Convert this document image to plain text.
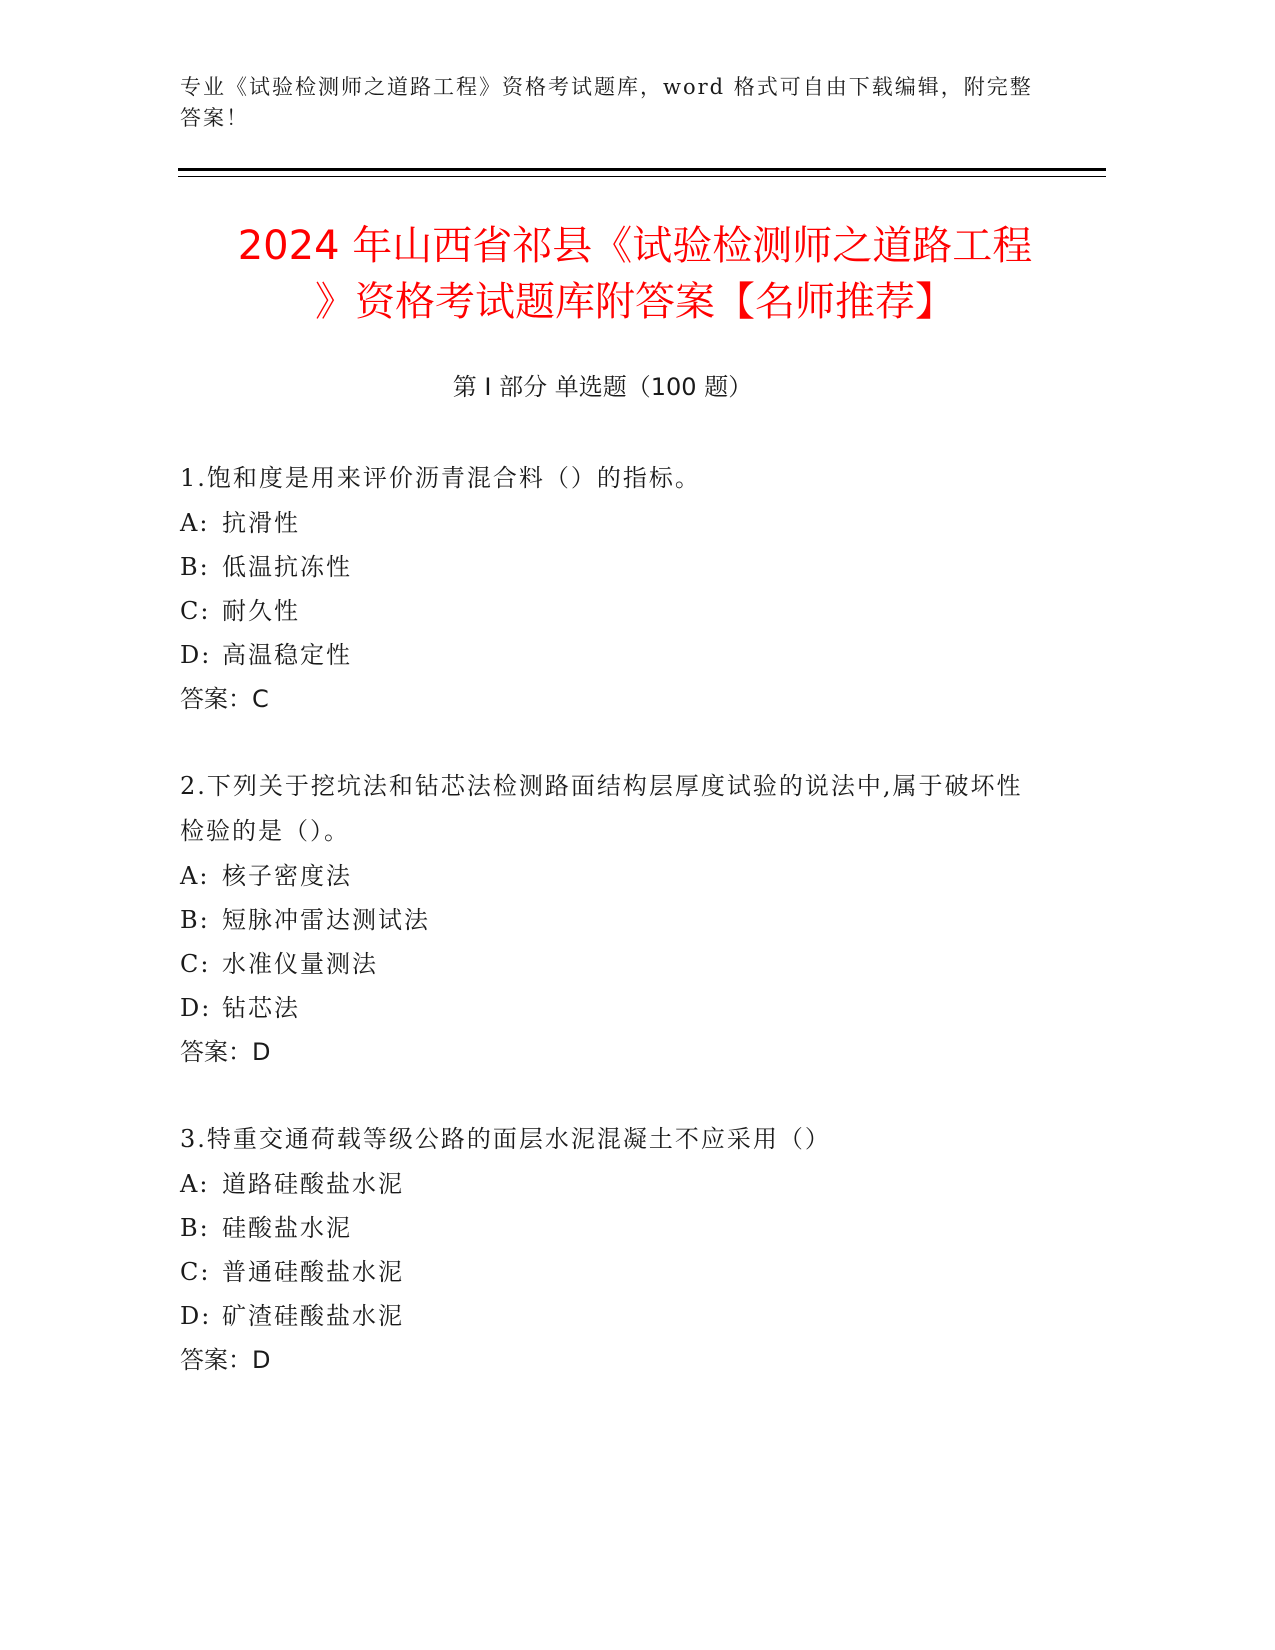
专业《试验检测师之道路工程》资格考试题库，word 格式可自由下载编辑，附完整答案！
2024 年山西省祁县《试验检测师之道路工程
》资格考试题库附答案【名师推荐】
第 I 部分 单选题（100 题）

1.饱和度是用来评价沥青混合料（）的指标。

A: 抗滑性
B: 低温抗冻性
C: 耐久性
D: 高温稳定性
答案：C

2.下列关于挖坑法和钻芯法检测路面结构层厚度试验的说法中,属于破坏性检验的是（）。

A: 核子密度法
B: 短脉冲雷达测试法
C: 水准仪量测法
D: 钻芯法
答案：D

3.特重交通荷载等级公路的面层水泥混凝土不应采用（）

A: 道路硅酸盐水泥
B: 硅酸盐水泥
C: 普通硅酸盐水泥
D: 矿渣硅酸盐水泥
答案：D
